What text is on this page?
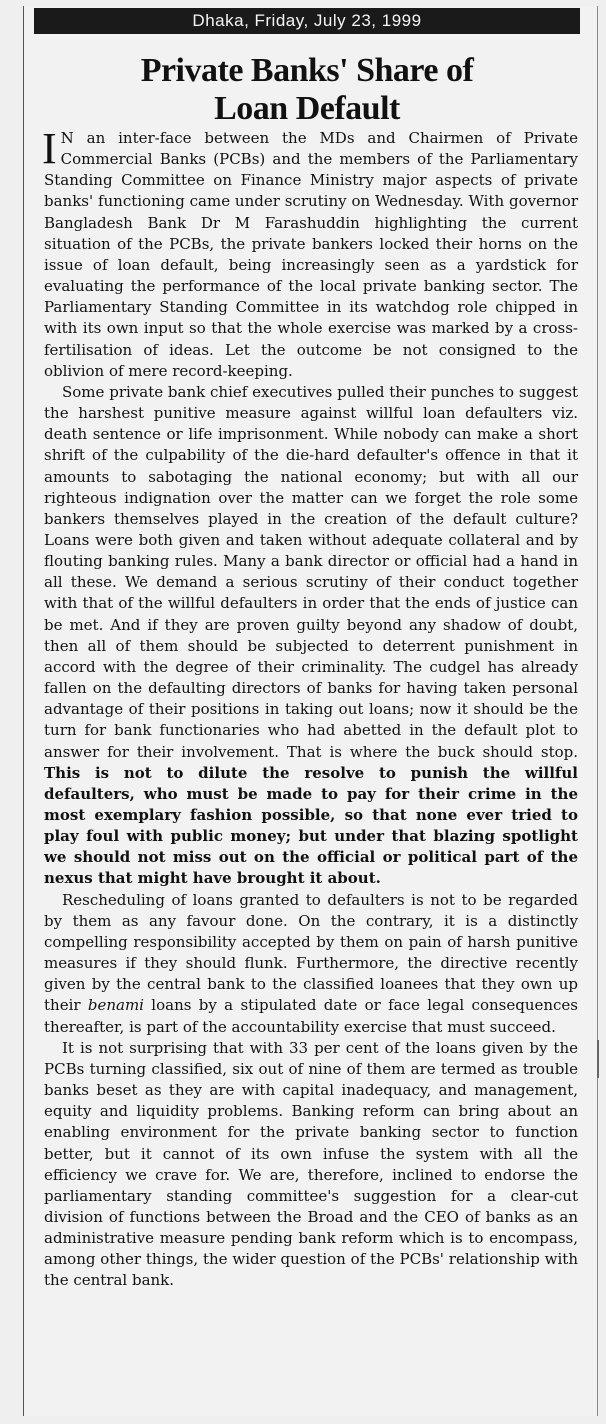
Dhaka, Friday, July 23, 1999
Private Banks' Share of
Loan Default

I N an inter-face between the MDs and Chairmen of Private Commercial Banks (PCBs) and the members of the Parliamentary Standing Committee on Finance Ministry major aspects of private banks' functioning came under scrutiny on Wednesday. With governor Bangladesh Bank Dr M Farashuddin highlighting the current situation of the PCBs, the private bankers locked their horns on the issue of loan default, being increasingly seen as a yardstick for evaluating the performance of the local private banking sector. The Parliamentary Standing Committee in its watchdog role chipped in with its own input so that the whole exercise was marked by a cross-fertilisation of ideas. Let the outcome be not consigned to the oblivion of mere record-keeping.

Some private bank chief executives pulled their punches to suggest the harshest punitive measure against willful loan defaulters viz. death sentence or life imprisonment. While nobody can make a short shrift of the culpability of the die-hard defaulter's offence in that it amounts to sabotaging the national economy; but with all our righteous indignation over the matter can we forget the role some bankers themselves played in the creation of the default culture? Loans were both given and taken without adequate collateral and by flouting banking rules. Many a bank director or official had a hand in all these. We demand a serious scrutiny of their conduct together with that of the willful defaulters in order that the ends of justice can be met. And if they are proven guilty beyond any shadow of doubt, then all of them should be subjected to deterrent punishment in accord with the degree of their criminality. The cudgel has already fallen on the defaulting directors of banks for having taken personal advantage of their positions in taking out loans; now it should be the turn for bank functionaries who had abetted in the default plot to answer for their involvement. That is where the buck should stop. This is not to dilute the resolve to punish the willful defaulters, who must be made to pay for their crime in the most exemplary fashion possible, so that none ever tried to play foul with public money; but under that blazing spotlight we should not miss out on the official or political part of the nexus that might have brought it about.

Rescheduling of loans granted to defaulters is not to be regarded by them as any favour done. On the contrary, it is a distinctly compelling responsibility accepted by them on pain of harsh punitive measures if they should flunk. Furthermore, the directive recently given by the central bank to the classified loanees that they own up their benami loans by a stipulated date or face legal consequences thereafter, is part of the accountability exercise that must succeed.

It is not surprising that with 33 per cent of the loans given by the PCBs turning classified, six out of nine of them are termed as trouble banks beset as they are with capital inadequacy, and management, equity and liquidity problems. Banking reform can bring about an enabling environment for the private banking sector to function better, but it cannot of its own infuse the system with all the efficiency we crave for. We are, therefore, inclined to endorse the parliamentary standing committee's suggestion for a clear-cut division of functions between the Broad and the CEO of banks as an administrative measure pending bank reform which is to encompass, among other things, the wider question of the PCBs' relationship with the central bank.
